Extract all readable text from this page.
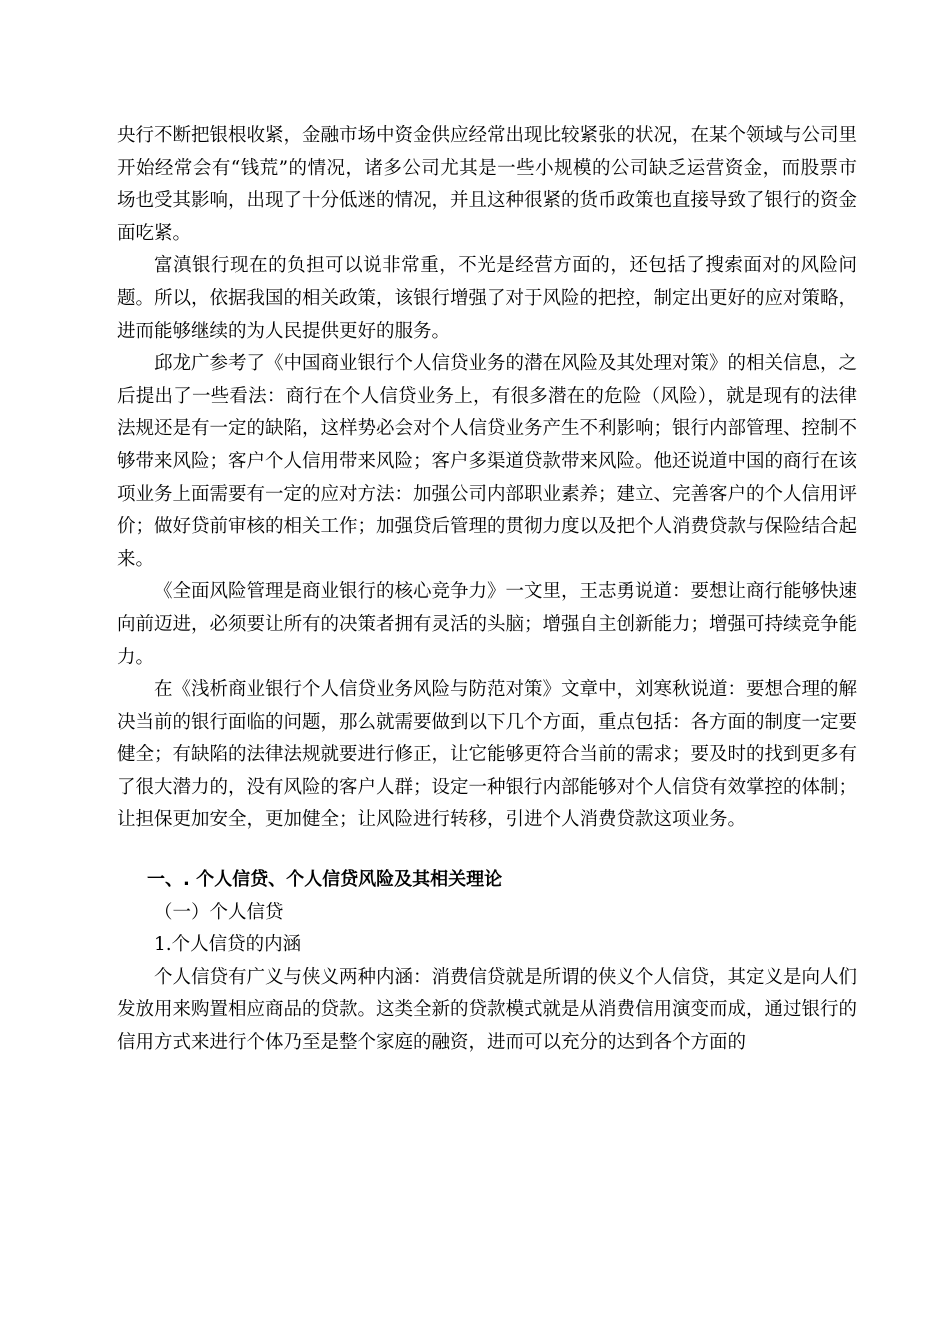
央行不断把银根收紧，金融市场中资金供应经常出现比较紧张的状况，在某个领域与公司里开始经常会有“钱荒”的情况，诸多公司尤其是一些小规模的公司缺乏运营资金，而股票市场也受其影响，出现了十分低迷的情况，并且这种很紧的货币政策也直接导致了银行的资金面吃紧。

富滇银行现在的负担可以说非常重，不光是经营方面的，还包括了搜索面对的风险问题。所以，依据我国的相关政策，该银行增强了对于风险的把控，制定出更好的应对策略，进而能够继续的为人民提供更好的服务。

邱龙广参考了《中国商业银行个人信贷业务的潜在风险及其处理对策》的相关信息，之后提出了一些看法：商行在个人信贷业务上，有很多潜在的危险（风险），就是现有的法律法规还是有一定的缺陷，这样势必会对个人信贷业务产生不利影响；银行内部管理、控制不够带来风险；客户个人信用带来风险；客户多渠道贷款带来风险。他还说道中国的商行在该项业务上面需要有一定的应对方法：加强公司内部职业素养；建立、完善客户的个人信用评价；做好贷前审核的相关工作；加强贷后管理的贯彻力度以及把个人消费贷款与保险结合起来。

《全面风险管理是商业银行的核心竞争力》一文里，王志勇说道：要想让商行能够快速向前迈进，必须要让所有的决策者拥有灵活的头脑；增强自主创新能力；增强可持续竞争能力。

在《浅析商业银行个人信贷业务风险与防范对策》文章中，刘寒秋说道：要想合理的解决当前的银行面临的问题，那么就需要做到以下几个方面，重点包括：各方面的制度一定要健全；有缺陷的法律法规就要进行修正，让它能够更符合当前的需求；要及时的找到更多有了很大潜力的，没有风险的客户人群；设定一种银行内部能够对个人信贷有效掌控的体制；让担保更加安全，更加健全；让风险进行转移，引进个人消费贷款这项业务。

一、. 个人信贷、个人信贷风险及其相关理论

（一）个人信贷

1.个人信贷的内涵

个人信贷有广义与侠义两种内涵：消费信贷就是所谓的侠义个人信贷，其定义是向人们发放用来购置相应商品的贷款。这类全新的贷款模式就是从消费信用演变而成，通过银行的信用方式来进行个体乃至是整个家庭的融资，进而可以充分的达到各个方面的
